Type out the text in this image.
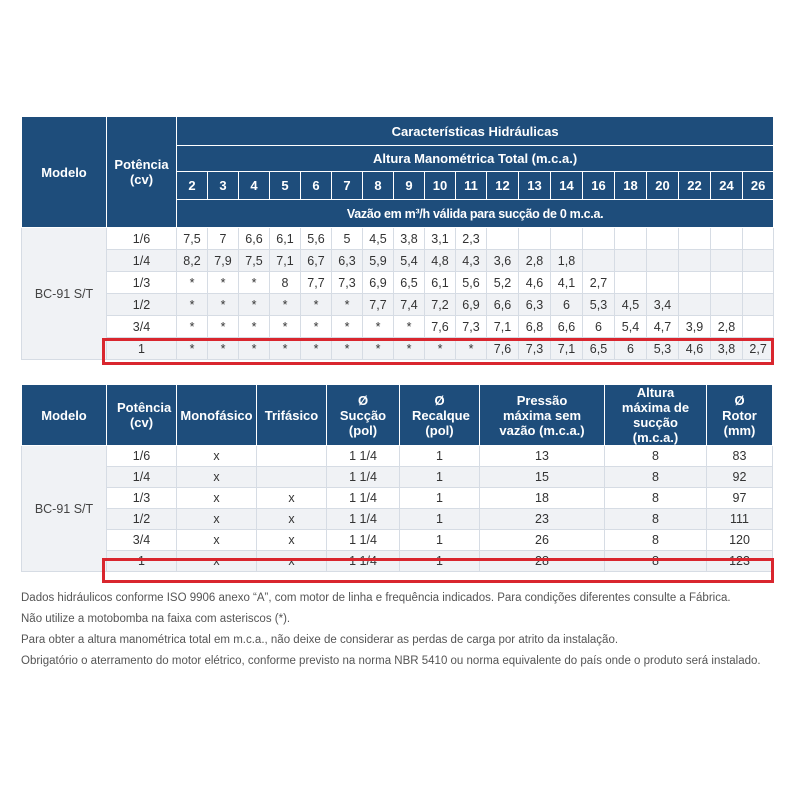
Modelo	Potência (cv)	Características Hidráulicas																		
		Altura Manométrica Total (m.c.a.)																		
		2	3	4	5	6	7	8	9	10	11	12	13	14	16	18	20	22	24	26
		Vazão em m³/h válida para sucção de 0 m.c.a.																		
BC-91 S/T	1/6	7,5	7	6,6	6,1	5,6	5	4,5	3,8	3,1	2,3									
	1/4	8,2	7,9	7,5	7,1	6,7	6,3	5,9	5,4	4,8	4,3	3,6	2,8	1,8						
	1/3	*	*	*	8	7,7	7,3	6,9	6,5	6,1	5,6	5,2	4,6	4,1	2,7					
	1/2	*	*	*	*	*	*	7,7	7,4	7,2	6,9	6,6	6,3	6	5,3	4,5	3,4			
	3/4	*	*	*	*	*	*	*	*	7,6	7,3	7,1	6,8	6,6	6	5,4	4,7	3,9	2,8	
	1	*	*	*	*	*	*	*	*	*	*	7,6	7,3	7,1	6,5	6	5,3	4,6	3,8	2,7
Modelo	Potência (cv)	Monofásico	Trifásico	Ø Sucção (pol)	Ø Recalque (pol)	Pressão máxima sem vazão (m.c.a.)	Altura máxima de sucção (m.c.a.)	Ø Rotor (mm)
BC-91 S/T	1/6	x		1 1/4	1	13	8	83
	1/4	x		1 1/4	1	15	8	92
	1/3	x	x	1 1/4	1	18	8	97
	1/2	x	x	1 1/4	1	23	8	111
	3/4	x	x	1 1/4	1	26	8	120
	1	x	x	1 1/4	1	28	8	123

Dados hidráulicos conforme ISO 9906 anexo “A”, com motor de linha e frequência indicados. Para condições diferentes consulte a Fábrica.

Não utilize a motobomba na faixa com asteriscos (*).

Para obter a altura manométrica total em m.c.a., não deixe de considerar as perdas de carga por atrito da instalação.

Obrigatório o aterramento do motor elétrico, conforme previsto na norma NBR 5410 ou norma equivalente do país onde o produto será instalado.
